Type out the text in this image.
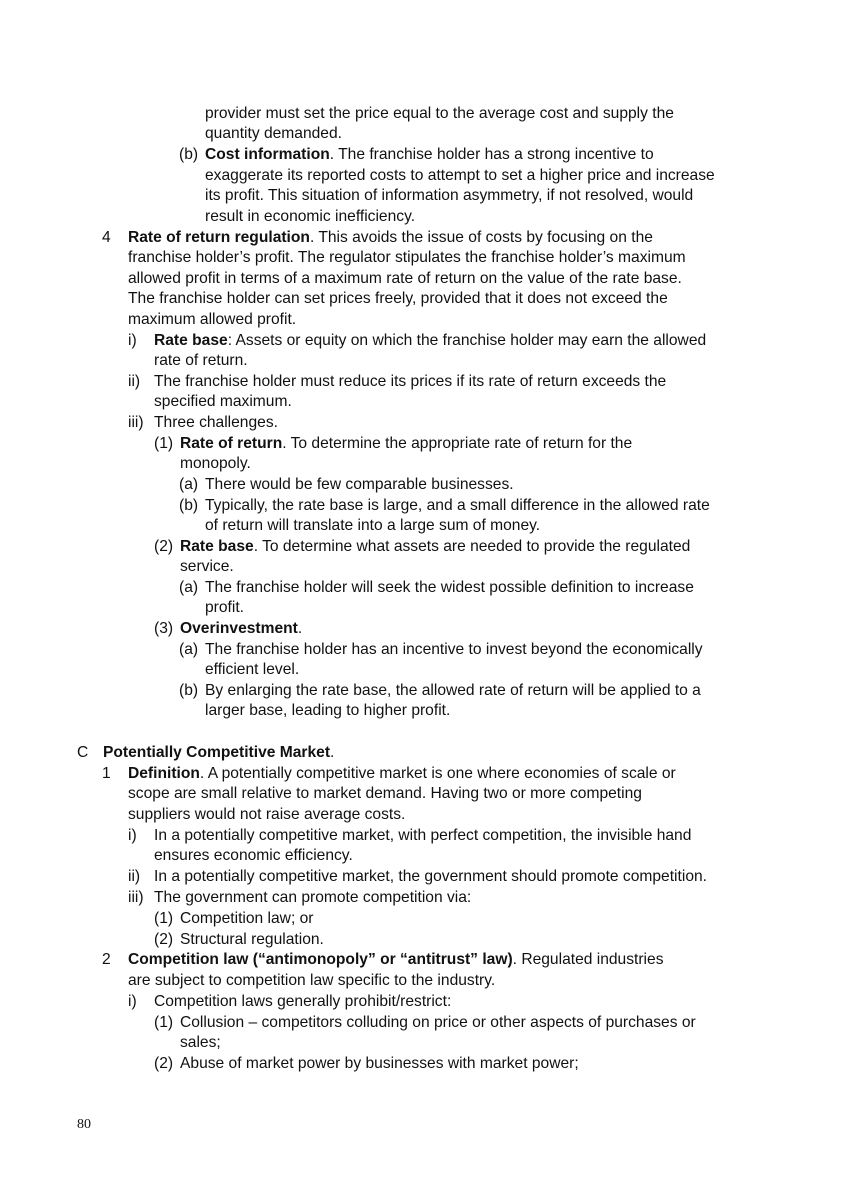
provider must set the price equal to the average cost and supply the
quantity demanded.
(b) Cost information. The franchise holder has a strong incentive to
exaggerate its reported costs to attempt to set a higher price and increase
its profit. This situation of information asymmetry, if not resolved, would
result in economic inefficiency.
4 Rate of return regulation. This avoids the issue of costs by focusing on the
franchise holder’s profit. The regulator stipulates the franchise holder’s maximum
allowed profit in terms of a maximum rate of return on the value of the rate base.
The franchise holder can set prices freely, provided that it does not exceed the
maximum allowed profit.
i) Rate base: Assets or equity on which the franchise holder may earn the allowed
rate of return.
ii) The franchise holder must reduce its prices if its rate of return exceeds the
specified maximum.
iii) Three challenges.
(1) Rate of return. To determine the appropriate rate of return for the
monopoly.
(a) There would be few comparable businesses.
(b) Typically, the rate base is large, and a small difference in the allowed rate
of return will translate into a large sum of money.
(2) Rate base. To determine what assets are needed to provide the regulated
service.
(a) The franchise holder will seek the widest possible definition to increase
profit.
(3) Overinvestment.
(a) The franchise holder has an incentive to invest beyond the economically
efficient level.
(b) By enlarging the rate base, the allowed rate of return will be applied to a
larger base, leading to higher profit.
C Potentially Competitive Market.
1 Definition. A potentially competitive market is one where economies of scale or
scope are small relative to market demand. Having two or more competing
suppliers would not raise average costs.
i) In a potentially competitive market, with perfect competition, the invisible hand
ensures economic efficiency.
ii) In a potentially competitive market, the government should promote competition.
iii) The government can promote competition via:
(1) Competition law; or
(2) Structural regulation.
2 Competition law (“antimonopoly” or “antitrust” law). Regulated industries
are subject to competition law specific to the industry.
i) Competition laws generally prohibit/restrict:
(1) Collusion – competitors colluding on price or other aspects of purchases or
sales;
(2) Abuse of market power by businesses with market power;
80
